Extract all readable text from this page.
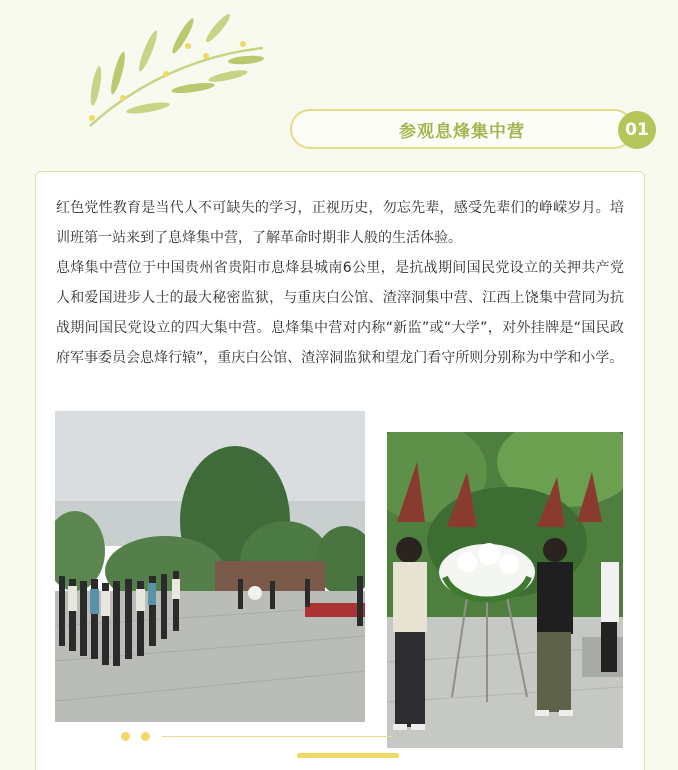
参观息烽集中营	01

红色党性教育是当代人不可缺失的学习，正视历史，勿忘先辈，感受先辈们的峥嵘岁月。培训班第一站来到了息烽集中营，了解革命时期非人般的生活体验。

息烽集中营位于中国贵州省贵阳市息烽县城南6公里，是抗战期间国民党设立的关押共产党人和爱国进步人士的最大秘密监狱，与重庆白公馆、渣滓洞集中营、江西上饶集中营同为抗战期间国民党设立的四大集中营。息烽集中营对内称“新监”或“大学”，对外挂牌是“国民政府军事委员会息烽行辕”，重庆白公馆、渣滓洞监狱和望龙门看守所则分别称为中学和小学。
